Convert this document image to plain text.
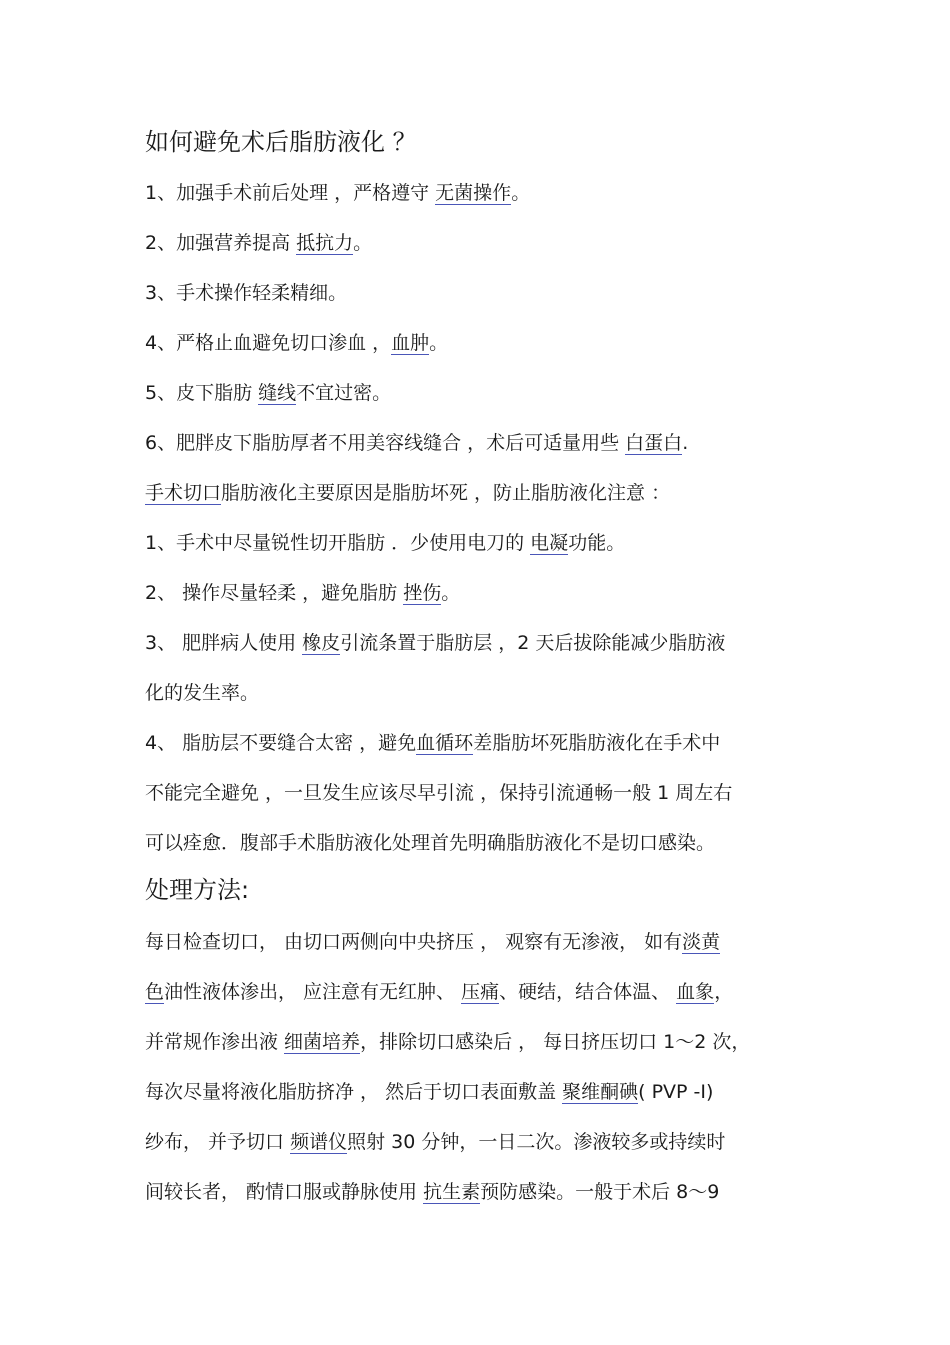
如何避免术后脂肪液化 ？
1、加强手术前后处理 ，严格遵守 无菌操作。
2、加强营养提高 抵抗力。
3、手术操作轻柔精细。
4、严格止血避免切口渗血 ，血肿。
5、皮下脂肪 缝线不宜过密。
6、肥胖皮下脂肪厚者不用美容线缝合 ，术后可适量用些 白蛋白.
手术切口脂肪液化主要原因是脂肪坏死 ，防止脂肪液化注意 ：
1、手术中尽量锐性切开脂肪 ．少使用电刀的 电凝功能。
2、 操作尽量轻柔 ，避免脂肪 挫伤。
3、 肥胖病人使用 橡皮引流条置于脂肪层 ，2 天后拔除能减少脂肪液
化的发生率。
4、 脂肪层不要缝合太密 ，避免血循环差脂肪坏死脂肪液化在手术中
不能完全避免 ，一旦发生应该尽早引流 ，保持引流通畅一般 1 周左右
可以痊愈．腹部手术脂肪液化处理首先明确脂肪液化不是切口感染。
处理方法:
每日检查切口， 由切口两侧向中央挤压 ， 观察有无渗液， 如有淡黄
色油性液体渗出， 应注意有无红肿、 压痛、硬结，结合体温、 血象，
并常规作渗出液 细菌培养，排除切口感染后 ， 每日挤压切口 1～2 次，
每次尽量将液化脂肪挤净 ， 然后于切口表面敷盖 聚维酮碘( PVP -I)
纱布， 并予切口 频谱仪照射 30 分钟，一日二次。渗液较多或持续时
间较长者， 酌情口服或静脉使用 抗生素预防感染。一般于术后 8～9
